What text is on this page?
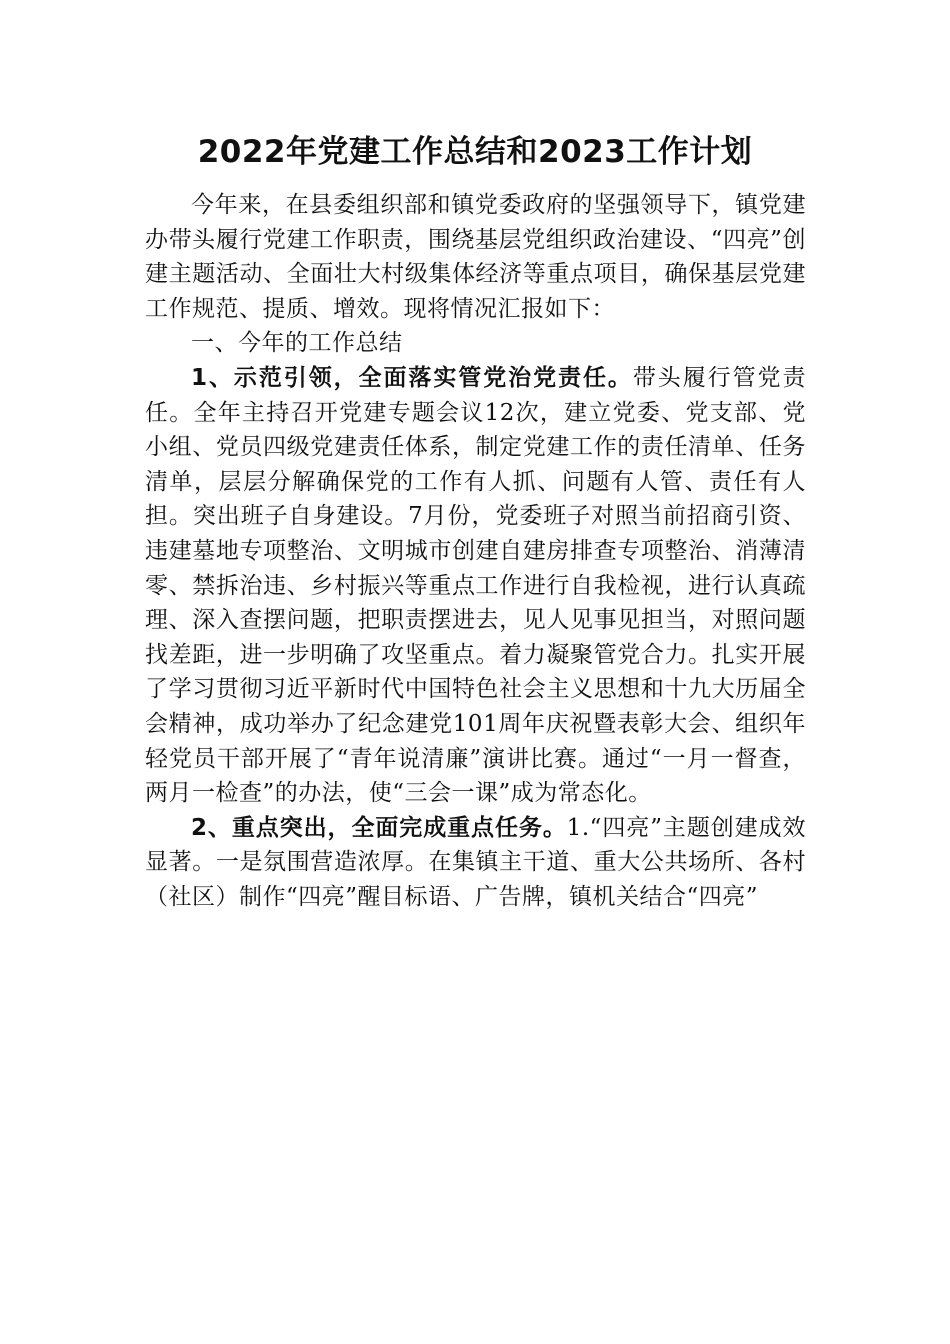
2022年党建工作总结和2023工作计划

今年来，在县委组织部和镇党委政府的坚强领导下，镇党建办带头履行党建工作职责，围绕基层党组织政治建设、“四亮”创建主题活动、全面壮大村级集体经济等重点项目，确保基层党建工作规范、提质、增效。现将情况汇报如下：

一、今年的工作总结

1、示范引领，全面落实管党治党责任。带头履行管党责任。全年主持召开党建专题会议12次，建立党委、党支部、党小组、党员四级党建责任体系，制定党建工作的责任清单、任务清单，层层分解确保党的工作有人抓、问题有人管、责任有人担。突出班子自身建设。7月份，党委班子对照当前招商引资、违建墓地专项整治、文明城市创建自建房排查专项整治、消薄清零、禁拆治违、乡村振兴等重点工作进行自我检视，进行认真疏理、深入查摆问题，把职责摆进去，见人见事见担当，对照问题找差距，进一步明确了攻坚重点。着力凝聚管党合力。扎实开展了学习贯彻习近平新时代中国特色社会主义思想和十九大历届全会精神，成功举办了纪念建党101周年庆祝暨表彰大会、组织年轻党员干部开展了“青年说清廉”演讲比赛。通过“一月一督查，两月一检查”的办法，使“三会一课”成为常态化。

2、重点突出，全面完成重点任务。1.“四亮”主题创建成效显著。一是氛围营造浓厚。在集镇主干道、重大公共场所、各村（社区）制作“四亮”醒目标语、广告牌，镇机关结合“四亮”
